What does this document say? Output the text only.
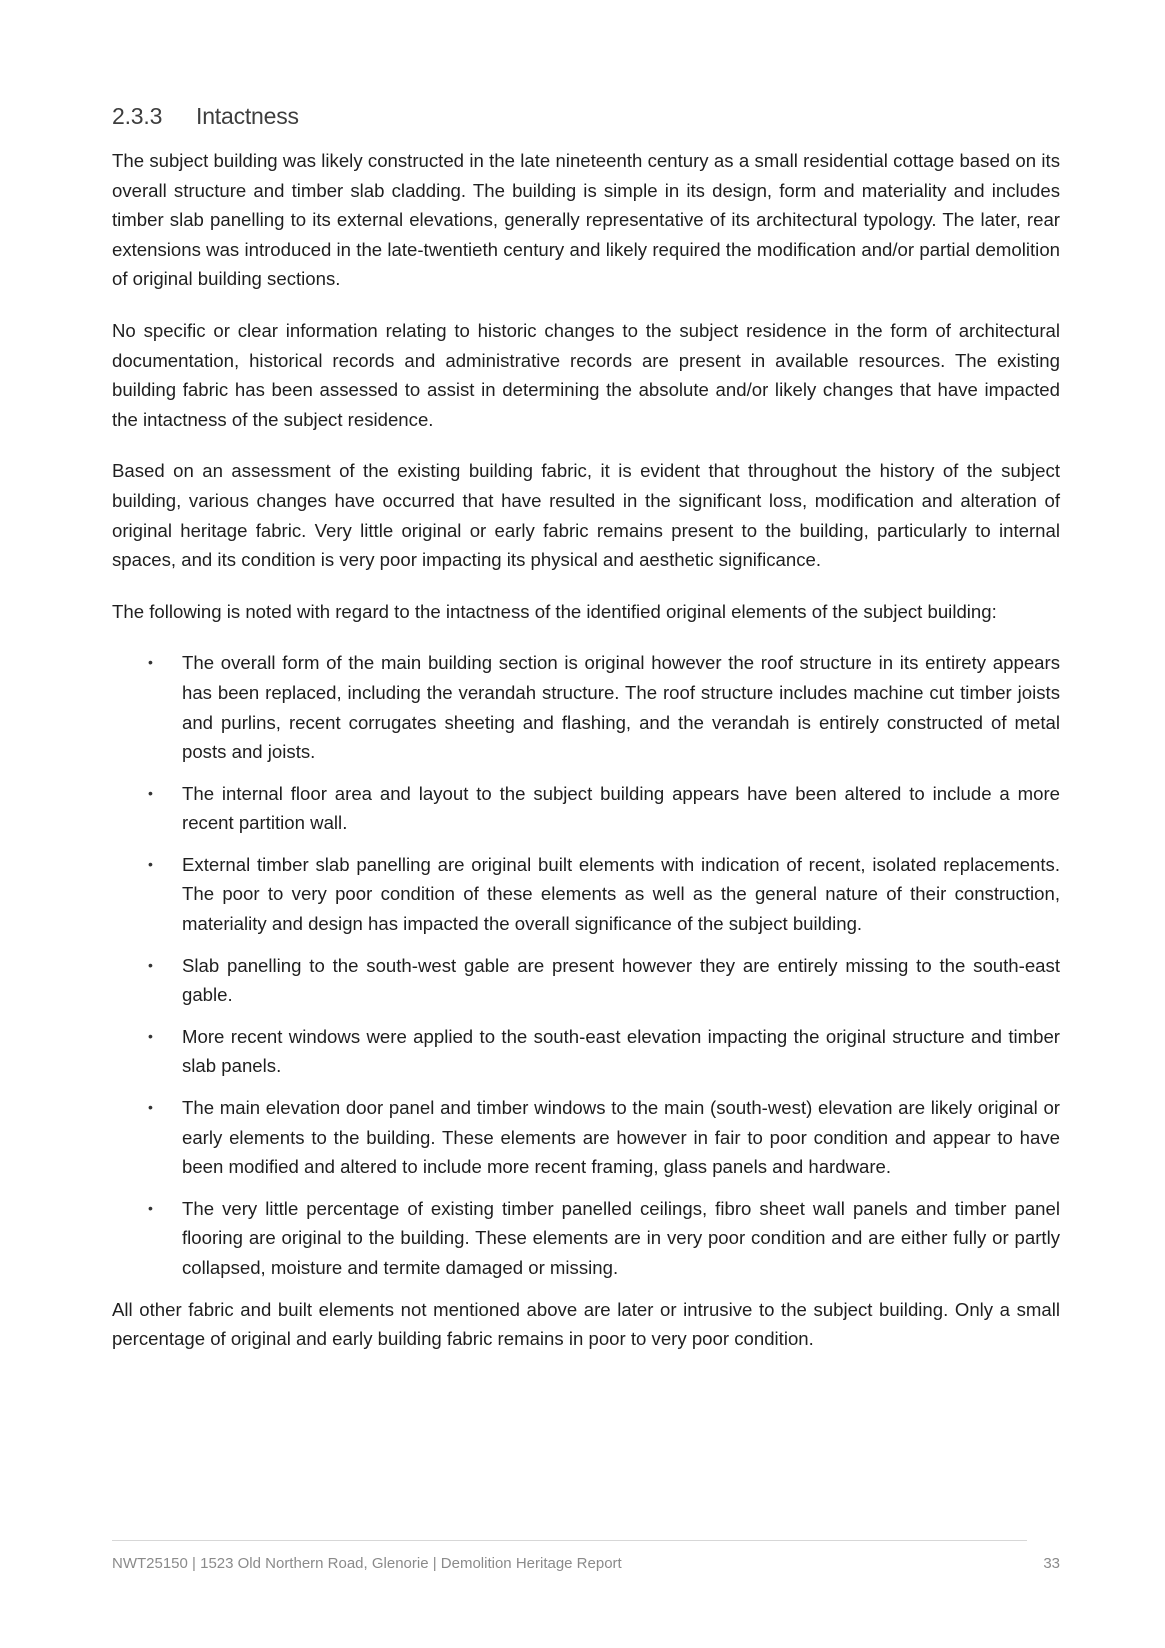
2.3.3	Intactness

The subject building was likely constructed in the late nineteenth century as a small residential cottage based on its overall structure and timber slab cladding. The building is simple in its design, form and materiality and includes timber slab panelling to its external elevations, generally representative of its architectural typology. The later, rear extensions was introduced in the late-twentieth century and likely required the modification and/or partial demolition of original building sections.

No specific or clear information relating to historic changes to the subject residence in the form of architectural documentation, historical records and administrative records are present in available resources. The existing building fabric has been assessed to assist in determining the absolute and/or likely changes that have impacted the intactness of the subject residence.

Based on an assessment of the existing building fabric, it is evident that throughout the history of the subject building, various changes have occurred that have resulted in the significant loss, modification and alteration of original heritage fabric. Very little original or early fabric remains present to the building, particularly to internal spaces, and its condition is very poor impacting its physical and aesthetic significance.

The following is noted with regard to the intactness of the identified original elements of the subject building:

• The overall form of the main building section is original however the roof structure in its entirety appears has been replaced, including the verandah structure. The roof structure includes machine cut timber joists and purlins, recent corrugates sheeting and flashing, and the verandah is entirely constructed of metal posts and joists.
• The internal floor area and layout to the subject building appears have been altered to include a more recent partition wall.
• External timber slab panelling are original built elements with indication of recent, isolated replacements. The poor to very poor condition of these elements as well as the general nature of their construction, materiality and design has impacted the overall significance of the subject building.
• Slab panelling to the south-west gable are present however they are entirely missing to the south-east gable.
• More recent windows were applied to the south-east elevation impacting the original structure and timber slab panels.
• The main elevation door panel and timber windows to the main (south-west) elevation are likely original or early elements to the building. These elements are however in fair to poor condition and appear to have been modified and altered to include more recent framing, glass panels and hardware.
• The very little percentage of existing timber panelled ceilings, fibro sheet wall panels and timber panel flooring are original to the building. These elements are in very poor condition and are either fully or partly collapsed, moisture and termite damaged or missing.

All other fabric and built elements not mentioned above are later or intrusive to the subject building. Only a small percentage of original and early building fabric remains in poor to very poor condition.

NWT25150 | 1523 Old Northern Road, Glenorie | Demolition Heritage Report	33
